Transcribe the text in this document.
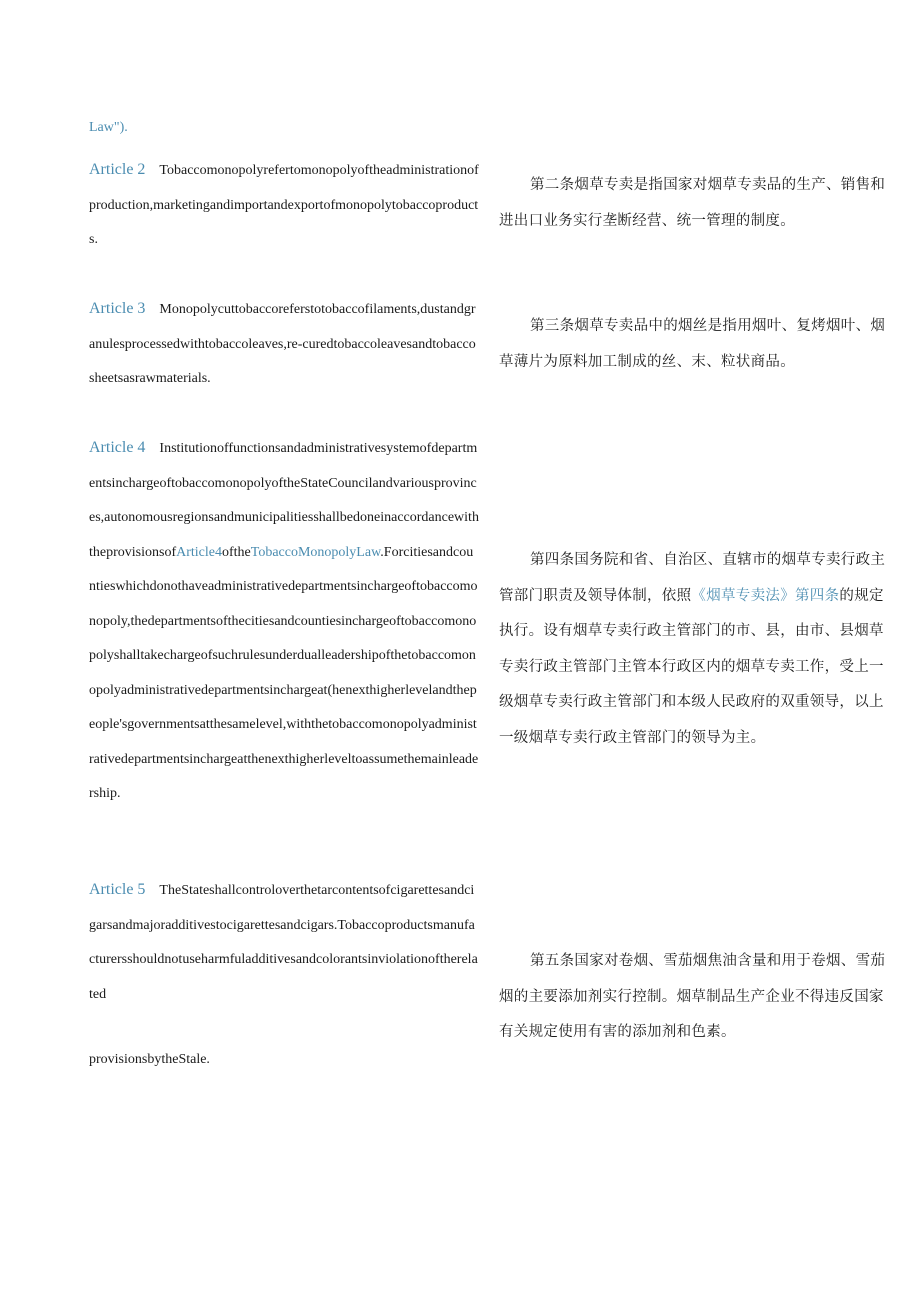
Law").

Article 2 Tobaccomonopolyrefertomonopolyoftheadministrationofproduction,marketingandimportandexportofmonopolytobaccoproducts.

Article 3 Monopolycuttobaccoreferstotobaccofilaments,dustandgranulesprocessedwithtobaccoleaves,re-curedtobaccoleavesandtobaccosheetsasrawmaterials.

Article 4 InstitutionoffunctionsandadministrativesystemofdepartmentsinchargeoftobaccomonopolyoftheStateCouncilandvariousprovinces,autonomousregionsandmunicipalitiesshallbedoneinaccordancewiththeprovisionsofArticle4oftheTobaccoMonopolyLaw.Forcitiesandcountieswhichdonothaveadministrativedepartmentsinchargeoftobaccomonopoly,thedepartmentsofthecitiesandcountiesinchargeoftobaccomonopolyshalltakechargeofsuchrulesunderdualleadershipofthetobaccomonopolyadministrativedepartmentsinchargeat(henexthigherlevelandthepeople'sgovernmentsatthesamelevel,withthetobaccomonopolyadministrativedepartmentsinchargeatthenexthigherleveltoassumethemainleadership.

Article 5 TheStateshallcontroloverthetarcontentsofcigarettesandcigarsandmajoradditivestocigarettesandcigars.Tobaccoproductsmanufacturersshouldnotuseharmfuladditivesandcolorantsinviolationoftherelated

provisionsbytheStale.

第二条烟草专卖是指国家对烟草专卖品的生产、销售和进出口业务实行垄断经营、统一管理的制度。

第三条烟草专卖品中的烟丝是指用烟叶、复烤烟叶、烟草薄片为原料加工制成的丝、末、粒状商品。

第四条国务院和省、自治区、直辖市的烟草专卖行政主管部门职责及领导体制，依照《烟草专卖法》第四条的规定执行。设有烟草专卖行政主管部门的市、县，由市、县烟草专卖行政主管部门主管本行政区内的烟草专卖工作，受上一级烟草专卖行政主管部门和本级人民政府的双重领导，以上一级烟草专卖行政主管部门的领导为主。

第五条国家对卷烟、雪茄烟焦油含量和用于卷烟、雪茄烟的主要添加剂实行控制。烟草制品生产企业不得违反国家有关规定使用有害的添加剂和色素。
